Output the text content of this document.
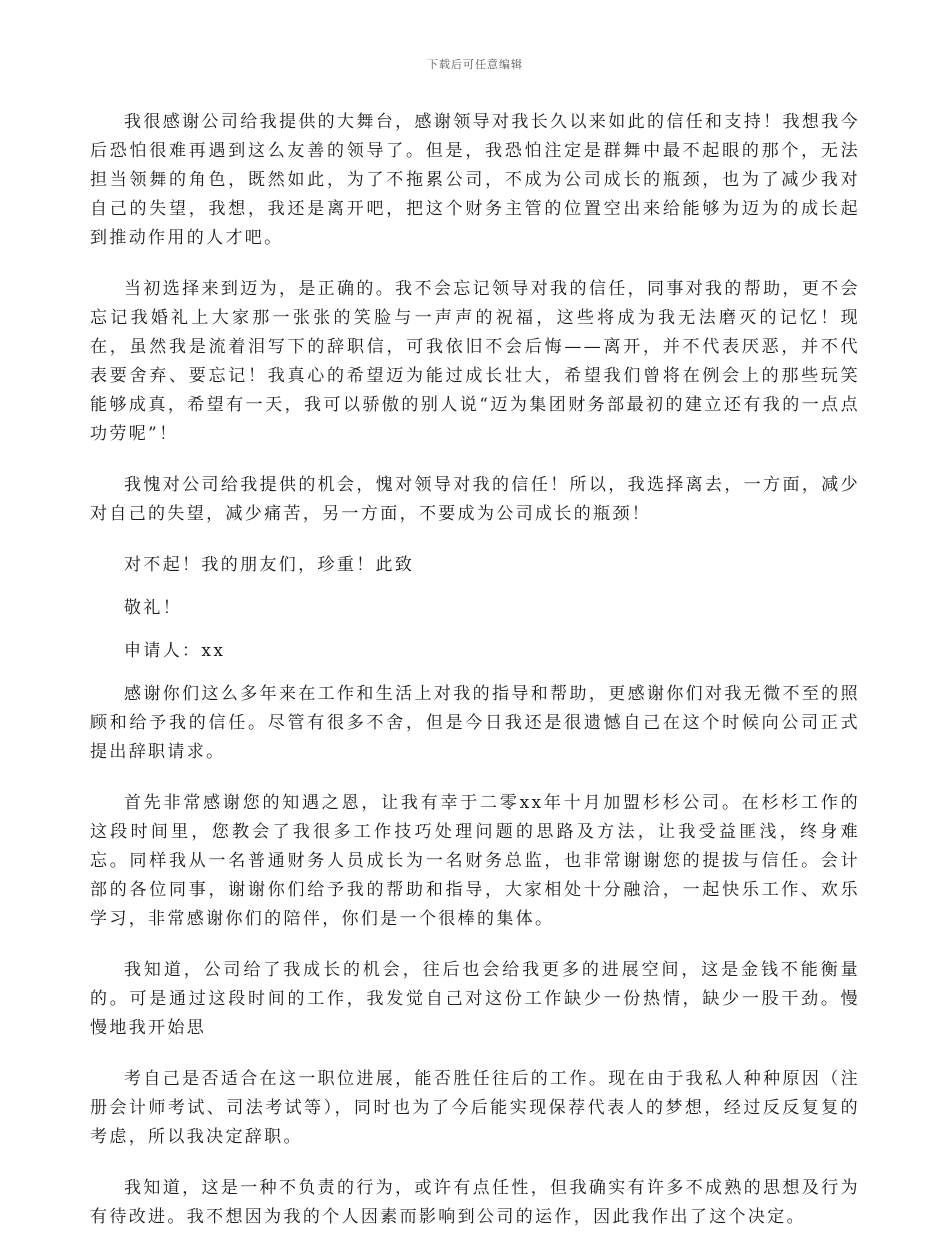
下载后可任意编辑

我很感谢公司给我提供的大舞台，感谢领导对我长久以来如此的信任和支持！我想我今后恐怕很难再遇到这么友善的领导了。但是，我恐怕注定是群舞中最不起眼的那个，无法担当领舞的角色，既然如此，为了不拖累公司，不成为公司成长的瓶颈，也为了减少我对自己的失望，我想，我还是离开吧，把这个财务主管的位置空出来给能够为迈为的成长起到推动作用的人才吧。

当初选择来到迈为，是正确的。我不会忘记领导对我的信任，同事对我的帮助，更不会忘记我婚礼上大家那一张张的笑脸与一声声的祝福，这些将成为我无法磨灭的记忆！现在，虽然我是流着泪写下的辞职信，可我依旧不会后悔——离开，并不代表厌恶，并不代表要舍弃、要忘记！我真心的希望迈为能过成长壮大，希望我们曾将在例会上的那些玩笑能够成真，希望有一天，我可以骄傲的别人说“迈为集团财务部最初的建立还有我的一点点功劳呢”！

我愧对公司给我提供的机会，愧对领导对我的信任！所以，我选择离去，一方面，减少对自己的失望，减少痛苦，另一方面，不要成为公司成长的瓶颈！

对不起！我的朋友们，珍重！此致

敬礼！

申请人：xx

感谢你们这么多年来在工作和生活上对我的指导和帮助，更感谢你们对我无微不至的照顾和给予我的信任。尽管有很多不舍，但是今日我还是很遗憾自己在这个时候向公司正式提出辞职请求。

首先非常感谢您的知遇之恩，让我有幸于二零xx年十月加盟杉杉公司。在杉杉工作的这段时间里，您教会了我很多工作技巧处理问题的思路及方法，让我受益匪浅，终身难忘。同样我从一名普通财务人员成长为一名财务总监，也非常谢谢您的提拔与信任。会计部的各位同事，谢谢你们给予我的帮助和指导，大家相处十分融洽，一起快乐工作、欢乐学习，非常感谢你们的陪伴，你们是一个很棒的集体。

我知道，公司给了我成长的机会，往后也会给我更多的进展空间，这是金钱不能衡量的。可是通过这段时间的工作，我发觉自己对这份工作缺少一份热情，缺少一股干劲。慢慢地我开始思

考自己是否适合在这一职位进展，能否胜任往后的工作。现在由于我私人种种原因（注册会计师考试、司法考试等），同时也为了今后能实现保荐代表人的梦想，经过反反复复的考虑，所以我决定辞职。

我知道，这是一种不负责的行为，或许有点任性，但我确实有许多不成熟的思想及行为有待改进。我不想因为我的个人因素而影响到公司的运作，因此我作出了这个决定。
